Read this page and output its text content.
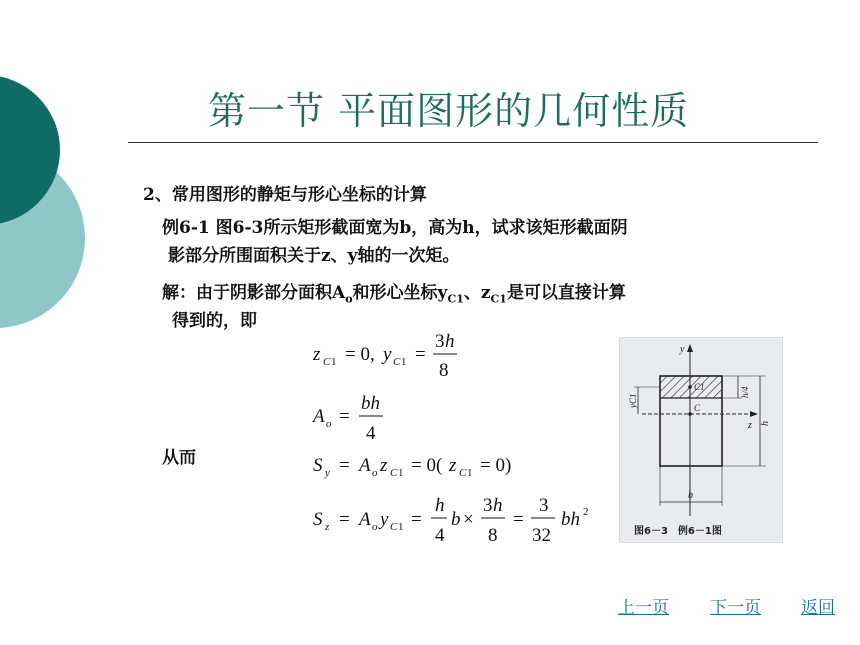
第一节 平面图形的几何性质
2、常用图形的静矩与形心坐标的计算
例6-1 图6-3所示矩形截面宽为b，高为h，试求该矩形截面阴
影部分所围面积关于z、y轴的一次矩。
解：由于阴影部分面积$A_o$和形心坐标$y_{C1}$、$z_{C1}$是可以直接计算
得到的，即
从而
z C 1 = 0, y C 1 =
3 h
8
A o =
bh
4
S y = A o z C 1 = 0( z C 1 = 0)
S z = A o y C 1 =
h
4
b ×
3 h
8
=
3
32
bh 2
y
z
C1
C
yC1
h/4
h
b
图6－3　例6－1图
上一页 下一页 返回
